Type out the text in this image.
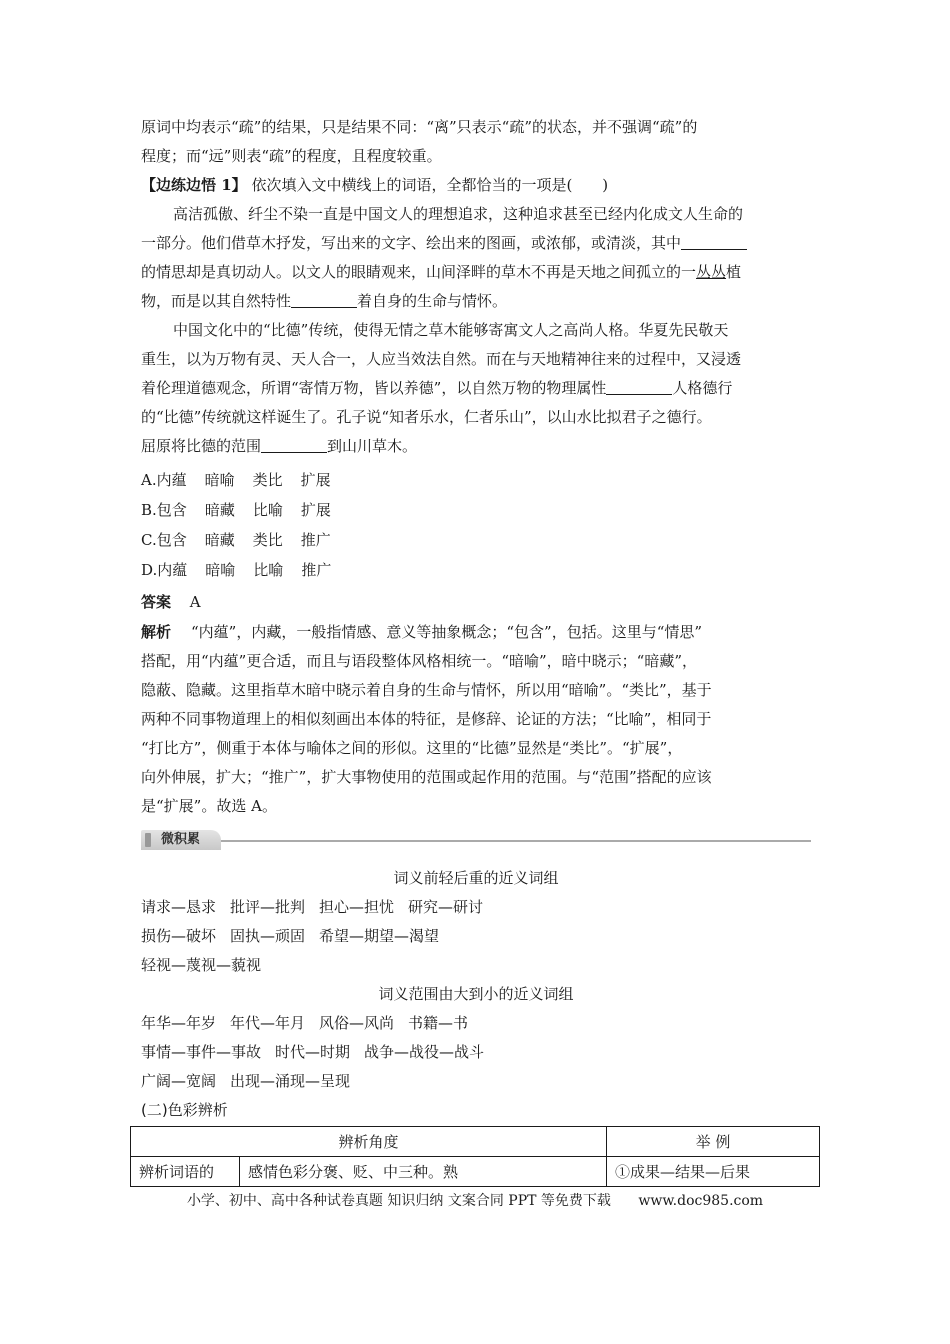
原词中均表示“疏”的结果，只是结果不同：“离”只表示“疏”的状态，并不强调“疏”的
程度；而“远”则表“疏”的程度，且程度较重。
【边练边悟 1】 依次填入文中横线上的词语，全都恰当的一项是(　　)
高洁孤傲、纤尘不染一直是中国文人的理想追求，这种追求甚至已经内化成文人生命的
一部分。他们借草木抒发，写出来的文字、绘出来的图画，或浓郁，或清淡，其中
的情思却是真切动人。以文人的眼睛观来，山间泽畔的草木不再是天地之间孤立的一丛丛植
物，而是以其自然特性	着自身的生命与情怀。
中国文化中的“比德”传统，使得无情之草木能够寄寓文人之高尚人格。华夏先民敬天
重生，以为万物有灵、天人合一，人应当效法自然。而在与天地精神往来的过程中，又浸透
着伦理道德观念，所谓“寄情万物，皆以养德”，以自然万物的物理属性	人格德行
的“比德”传统就这样诞生了。孔子说“知者乐水，仁者乐山”，以山水比拟君子之德行。
屈原将比德的范围	到山川草木。
A.内蕴 暗喻 类比 扩展
B.包含 暗藏 比喻 扩展
C.包含 暗藏 类比 推广
D.内蕴 暗喻 比喻 推广
答案 A
解析 “内蕴”，内藏，一般指情感、意义等抽象概念；“包含”，包括。这里与“情思”
搭配，用“内蕴”更合适，而且与语段整体风格相统一。“暗喻”，暗中晓示；“暗藏”，
隐蔽、隐藏。这里指草木暗中晓示着自身的生命与情怀，所以用“暗喻”。“类比”，基于
两种不同事物道理上的相似刻画出本体的特征，是修辞、论证的方法；“比喻”，相同于
“打比方”，侧重于本体与喻体之间的形似。这里的“比德”显然是“类比”。“扩展”，
向外伸展，扩大；“推广”，扩大事物使用的范围或起作用的范围。与“范围”搭配的应该
是“扩展”。故选 A。
微积累
词义前轻后重的近义词组
请求—恳求 批评—批判 担心—担忧 研究—研讨
损伤—破坏 固执—顽固 希望—期望—渴望
轻视—蔑视—藐视
词义范围由大到小的近义词组
年华—年岁 年代—年月 风俗—风尚 书籍—书
事情—事件—事故 时代—时期 战争—战役—战斗
广阔—宽阔 出现—涌现—呈现
(二)色彩辨析
辨析角度		举 例
辨析词语的	感情色彩分褒、贬、中三种。熟	①成果—结果—后果
小学、初中、高中各种试卷真题 知识归纳 文案合同 PPT 等免费下载 www.doc985.com
